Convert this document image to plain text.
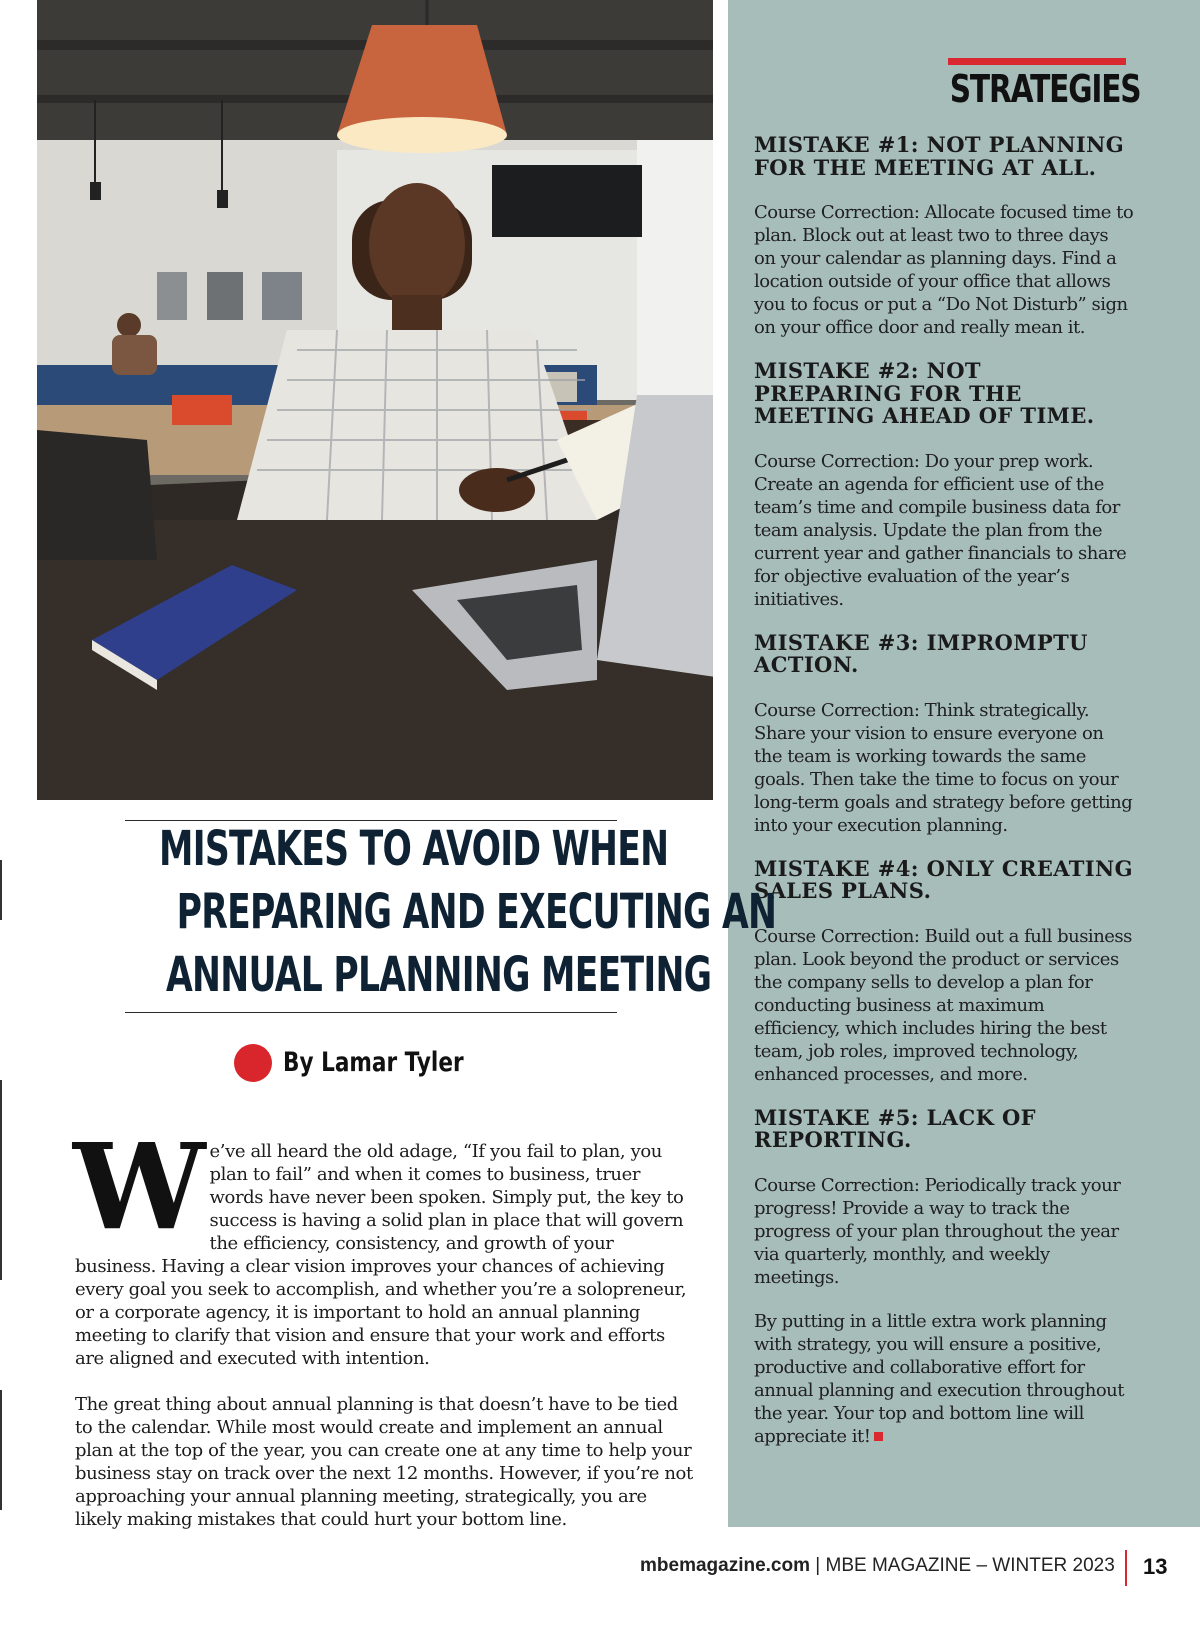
STRATEGIES
MISTAKE #1: NOT PLANNING FOR THE MEETING AT ALL.

Course Correction: Allocate focused time to plan. Block out at least two to three days on your calendar as planning days. Find a location outside of your office that allows you to focus or put a “Do Not Disturb” sign on your office door and really mean it.

MISTAKE #2: NOT PREPARING FOR THE MEETING AHEAD OF TIME.

Course Correction: Do your prep work. Create an agenda for efficient use of the team’s time and compile business data for team analysis. Update the plan from the current year and gather financials to share for objective evaluation of the year’s initiatives.

MISTAKE #3: IMPROMPTU ACTION.

Course Correction: Think strategically. Share your vision to ensure everyone on the team is working towards the same goals. Then take the time to focus on your long-term goals and strategy before getting into your execution planning.

MISTAKE #4: ONLY CREATING SALES PLANS.

Course Correction: Build out a full business plan. Look beyond the product or services the company sells to develop a plan for conducting business at maximum efficiency, which includes hiring the best team, job roles, improved technology, enhanced processes, and more.

MISTAKE #5: LACK OF REPORTING.

Course Correction: Periodically track your progress! Provide a way to track the progress of your plan throughout the year via quarterly, monthly, and weekly meetings.

By putting in a little extra work planning with strategy, you will ensure a positive, productive and collaborative effort for annual planning and execution throughout the year. Your top and bottom line will appreciate it!

MISTAKES TO AVOID WHEN
PREPARING AND EXECUTING AN
ANNUAL PLANNING MEETING
By Lamar Tyler

We’ve all heard the old adage, “If you fail to plan, you plan to fail” and when it comes to business, truer words have never been spoken. Simply put, the key to success is having a solid plan in place that will govern the efficiency, consistency, and growth of your business. Having a clear vision improves your chances of achieving every goal you seek to accomplish, and whether you’re a solopreneur, or a corporate agency, it is important to hold an annual planning meeting to clarify that vision and ensure that your work and efforts are aligned and executed with intention.

The great thing about annual planning is that doesn’t have to be tied to the calendar. While most would create and implement an annual plan at the top of the year, you can create one at any time to help your business stay on track over the next 12 months. However, if you’re not approaching your annual planning meeting, strategically, you are likely making mistakes that could hurt your bottom line.

mbemagazine.com | MBE MAGAZINE – WINTER 2023 13
